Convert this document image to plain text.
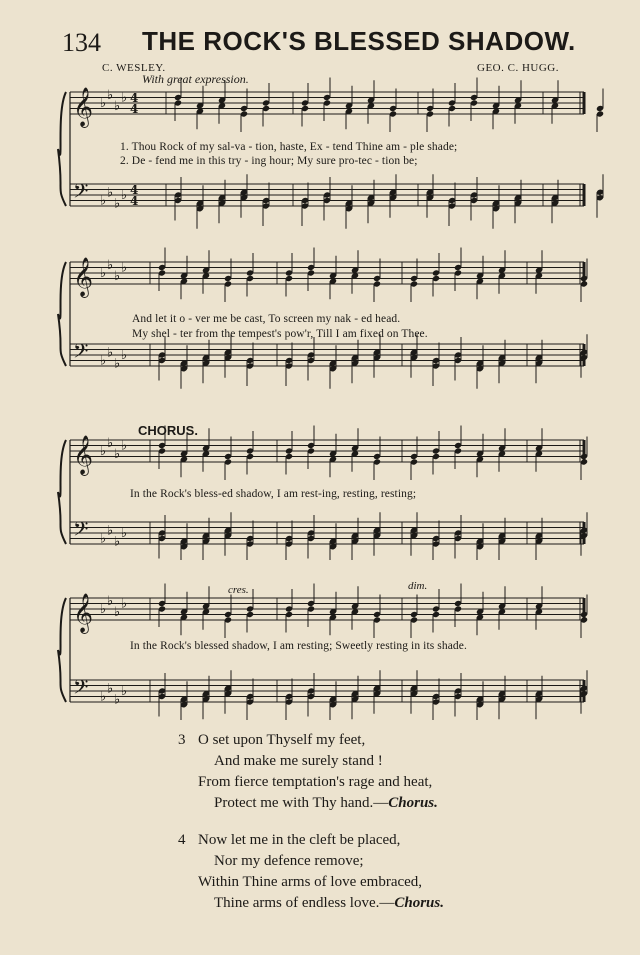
134 THE ROCK'S BLESSED SHADOW.
C. WESLEY.	GEO. C. HUGG.
With great expression.
𝄞 ♭
♭
♭
♭ 4
4
𝄢 ♭
♭
♭
♭ 4
4
1. Thou Rock of my sal-va - tion, haste, Ex - tend Thine am - ple shade;
2. De - fend me in this try - ing hour; My sure pro-tec - tion be;
𝄞 ♭
♭
♭
♭
𝄢 ♭
♭
♭
♭
And let it o - ver me be cast, To screen my nak - ed head.
My shel - ter from the tempest's pow'r, Till I am fixed on Thee.
CHORUS.
𝄞 ♭
♭
♭
♭
𝄢 ♭
♭
♭
♭
In the Rock's bless-ed shadow, I am rest-ing, resting, resting;
cres.	dim.
𝄞 ♭
♭
♭
♭
𝄢 ♭
♭
♭
♭
In the Rock's blessed shadow, I am resting; Sweetly resting in its shade.
3 O set upon Thyself my feet,
And make me surely stand !
From fierce temptation's rage and heat,
Protect me with Thy hand.—Chorus.
4 Now let me in the cleft be placed,
Nor my defence remove;
Within Thine arms of love embraced,
Thine arms of endless love.—Chorus.
